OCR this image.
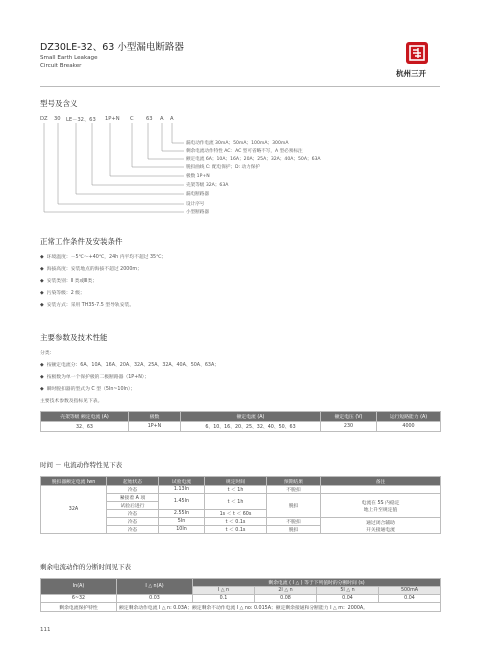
DZ30LE-32、63 小型漏电断路器
Small Earth Leakage
Circuit Breaker
杭州三开
型号及含义
DZ 30 LE－32、63 1P+N C 63 A A
漏电动作电流 30mA；50mA；100mA；300mA
剩余电流动作特性 AC：AC 型可省略不写，A 型必须标注
额定电流 6A；10A；16A；20A；25A；32A；40A；50A；63A
脱扣曲线 C: 配电保护；D: 动力保护
极数 1P+N
壳架等级 32A；63A
漏电断路器
设计序号
小型断路器
正常工作条件及安装条件
◆ 环境温度：－5℃～+40℃，24h 内平均不超过 35℃；
◆ 海拔高度：安装地点的海拔不超过 2000m；
◆ 安装类别：Ⅱ 类或Ⅲ类；
◆ 污染等级：2 级；
◆ 安装方式：采用 TH35-7.5 型导轨安装。
主要参数及技术性能
分类：
◆ 按额定电流分：6A、10A、16A、20A、32A、25A、32A、40A、50A、63A；
◆ 按极数为单一个保护极的二极断路器（1P+N）；
◆ 瞬时脱扣器的型式为 C 型（5In~10In）；
主要技术参数及指标见下表。
壳架等级 额定电流 (A)	极数	额定电流 (A)	额定电压 (V)	运行短路能力 (A)
32、63	1P+N	6、10、16、20、25、32、40、50、63	230	4000
时间 － 电流动作特性见下表
脱扣器额定电流 Iwn	起始状态	试验电流	规定时间	预期结果	备注
32A	冷态	1.13In	t ＜ 1h	不脱扣	
	紧接着 A 项	1.45In	t ＜ 1h	脱扣	电流在 5S 内稳定
地上升至规定值

	试验后进行				
	冷态	2.55In	1s ＜ t ＜ 60s		
	冷态	5In	t ＜ 0.1s	不脱扣	通过闭合辅助
开关接通电流

	冷态	10In	t ＜ 0.1s	脱扣	
剩余电流动作的分断时间见下表
In(A)	I △ n(A)	剩余电流 ( I △ ) 等于下列值时的分断时间 (s)			
		I △ n	2I △ n	5I △ n	500mA
6~32	0.03	0.1	0.08	0.04	0.04
剩余电流保护特性	额定剩余动作电流 I △ n: 0.03A；额定剩余不动作电流 I △ no: 0.015A；额定剩余接通和分断能力 I △ m：2000A。				
111
